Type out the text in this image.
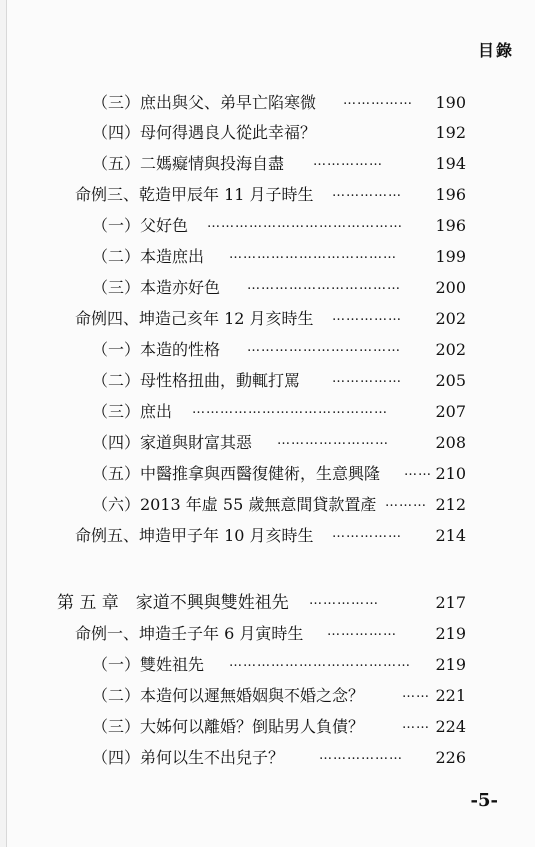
目錄
（三）庶出與父、弟早亡陷寒微 …………… 190
（四）母何得遇良人從此幸福？	192
（五）二媽癡情與投海自盡 ……………	194
命例三、乾造甲辰年 11 月子時生 …………… 196
（一）父好色 …………………………………… 196
（二）本造庶出 ……………………………… 199
（三）本造亦好色 …………………………… 200
命例四、坤造己亥年 12 月亥時生 …………… 202
（一）本造的性格 …………………………… 202
（二）母性格扭曲，動輒打罵 …………… 205
（三）庶出 ……………………………………	207
（四）家道與財富其惡 ……………………	208
（五）中醫推拿與西醫復健術，生意興隆 …… 210
（六）2013 年虛 55 歲無意間貸款置產 ……… 212
命例五、坤造甲子年 10 月亥時生 …………… 214
第 五 章　家道不興與雙姓祖先 ……………	217
命例一、坤造壬子年 6 月寅時生 …………… 219
（一）雙姓祖先 ………………………………… 219
（二）本造何以遲無婚姻與不婚之念？	…… 221
（三）大姊何以離婚？倒貼男人負債？	…… 224
（四）弟何以生不出兒子？	……………… 226
-5-
